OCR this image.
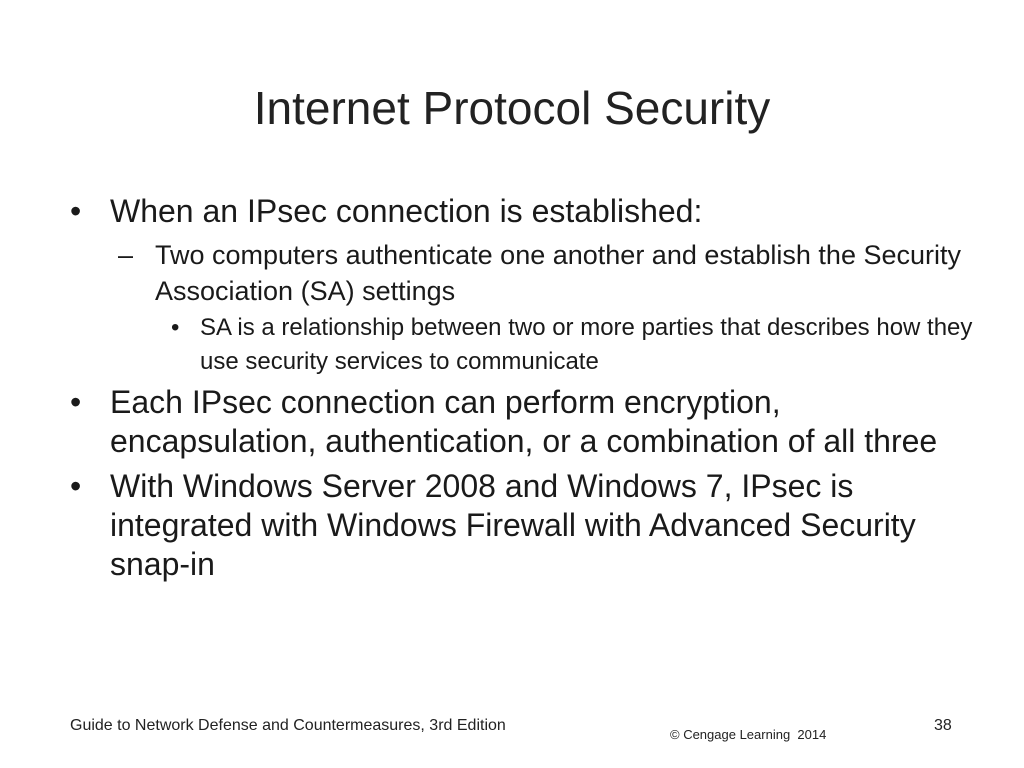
Internet Protocol Security
• When an IPsec connection is established:
– Two computers authenticate one another and establish the Security Association (SA) settings
• SA is a relationship between two or more parties that describes how they use security services to communicate
• Each IPsec connection can perform encryption, encapsulation, authentication, or a combination of all three
• With Windows Server 2008 and Windows 7, IPsec is integrated with Windows Firewall with Advanced Security snap-in
Guide to Network Defense and Countermeasures, 3rd Edition
© Cengage Learning  2014
38
